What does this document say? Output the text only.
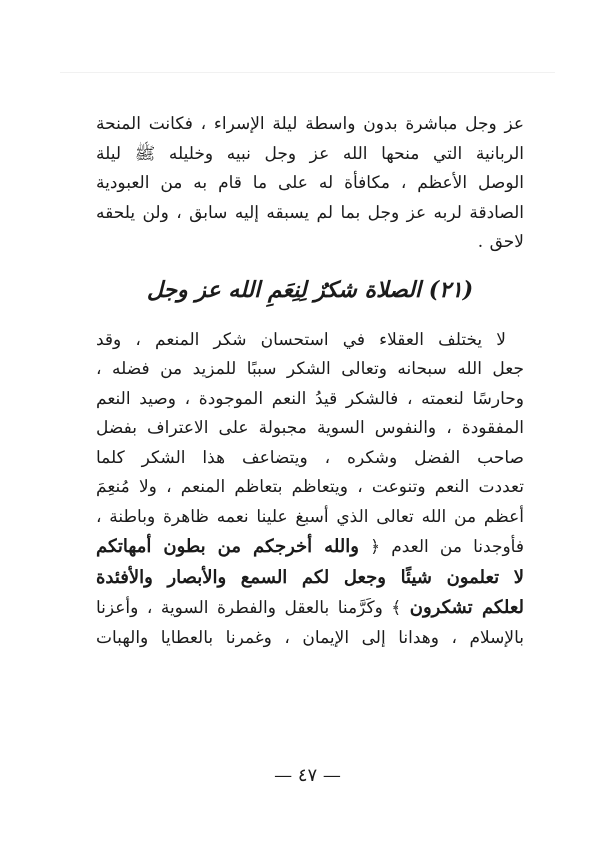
عز وجل مباشرة بدون واسطة ليلة الإسراء ، فكانت المنحة
الربانية التي منحها الله عز وجل نبيه وخليله ﷺ ليلة
الوصل الأعظم ، مكافأة له على ما قام به من العبودية
الصادقة لربه عز وجل بما لم يسبقه إليه سابق ، ولن يلحقه
لاحق .

(٢١) الصلاة شكرٌ لِنِعَمِ الله عز وجل

لا يختلف العقلاء في استحسان شكر المنعم ، وقد
جعل الله سبحانه وتعالى الشكر سببًا للمزيد من فضله ،
وحارسًا لنعمته ، فالشكر قيدُ النعم الموجودة ، وصيد النعم
المفقودة ، والنفوس السوية مجبولة على الاعتراف بفضل
صاحب الفضل وشكره ، ويتضاعف هذا الشكر كلما
تعددت النعم وتنوعت ، ويتعاظم بتعاظم المنعم ، ولا مُنعِمَ
أعظم من الله تعالى الذي أسبغ علينا نعمه ظاهرة وباطنة ،
فأوجدنا من العدم ﴿ والله أخرجكم من بطون أمهاتكم
لا تعلمون شيئًا وجعل لكم السمع والأبصار والأفئدة
لعلكم تشكرون ﴾ وكَرَّمنا بالعقل والفطرة السوية ، وأعزنا
بالإسلام ، وهدانا إلى الإيمان ، وغمرنا بالعطايا والهبات

— ٤٧ —
